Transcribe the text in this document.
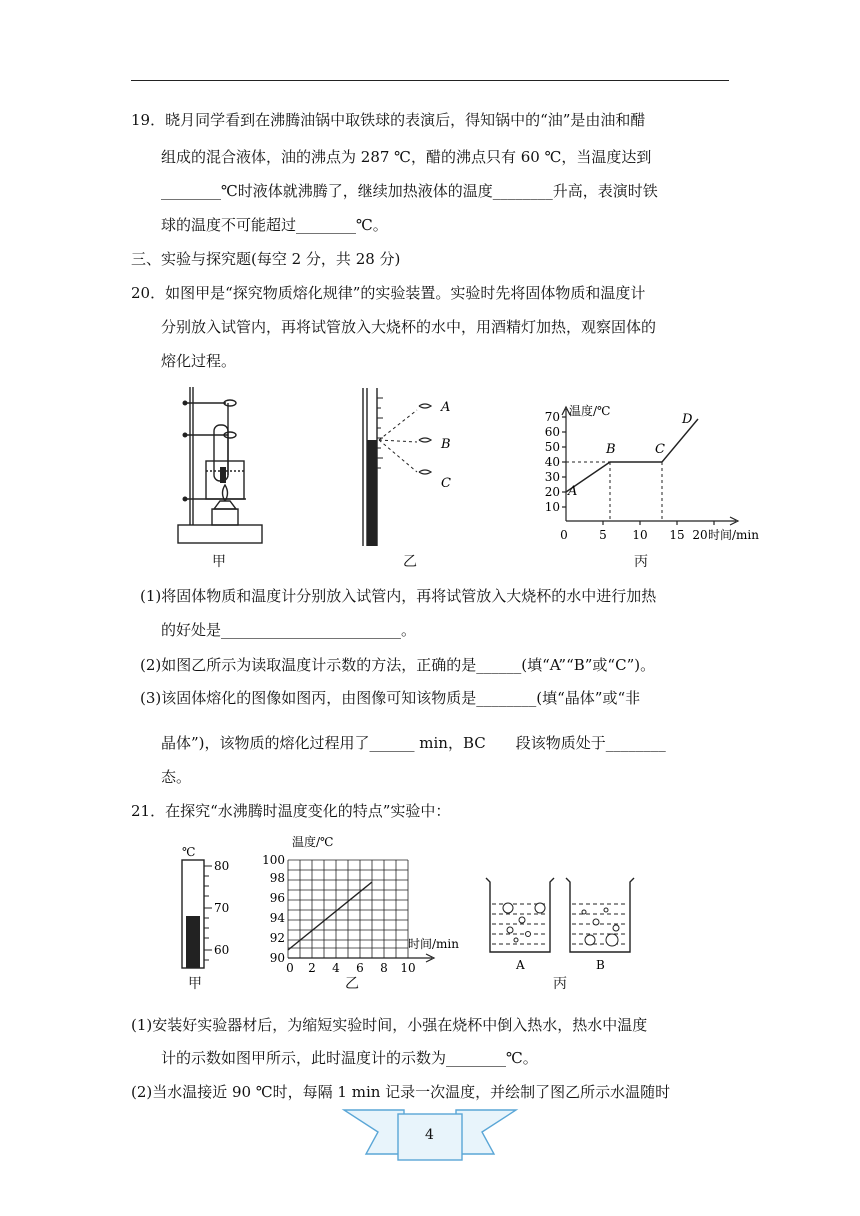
19．晓月同学看到在沸腾油锅中取铁球的表演后，得知锅中的“油”是由油和醋
组成的混合液体，油的沸点为 287 ℃，醋的沸点只有 60 ℃，当温度达到
________℃时液体就沸腾了，继续加热液体的温度________升高，表演时铁
球的温度不可能超过________℃。
三、实验与探究题(每空 2 分，共 28 分)
20．如图甲是“探究物质熔化规律”的实验装置。实验时先将固体物质和温度计
分别放入试管内，再将试管放入大烧杯的水中，用酒精灯加热，观察固体的
熔化过程。
甲
A
B
C
乙
温度/℃
时间/min
10
20
30
40
50
60
70
0	5 10 15 20
A
B	C
D
丙
(1)将固体物质和温度计分别放入试管内，再将试管放入大烧杯的水中进行加热
的好处是________________________。
(2)如图乙所示为读取温度计示数的方法，正确的是______(填“A”“B”或“C”)。
(3)该固体熔化的图像如图丙，由图像可知该物质是________(填“晶体”或“非
晶体”)，该物质的熔化过程用了______ min，BC　　段该物质处于________
态。
21．在探究“水沸腾时温度变化的特点”实验中：
℃
80
70
60
甲
温度/℃
时间/min
90
92
94
96
98
100
0 2 4 6 8 10
乙
A	B
丙
(1)安装好实验器材后，为缩短实验时间，小强在烧杯中倒入热水，热水中温度
计的示数如图甲所示，此时温度计的示数为________℃。
(2)当水温接近 90 ℃时，每隔 1 min 记录一次温度，并绘制了图乙所示水温随时
4
